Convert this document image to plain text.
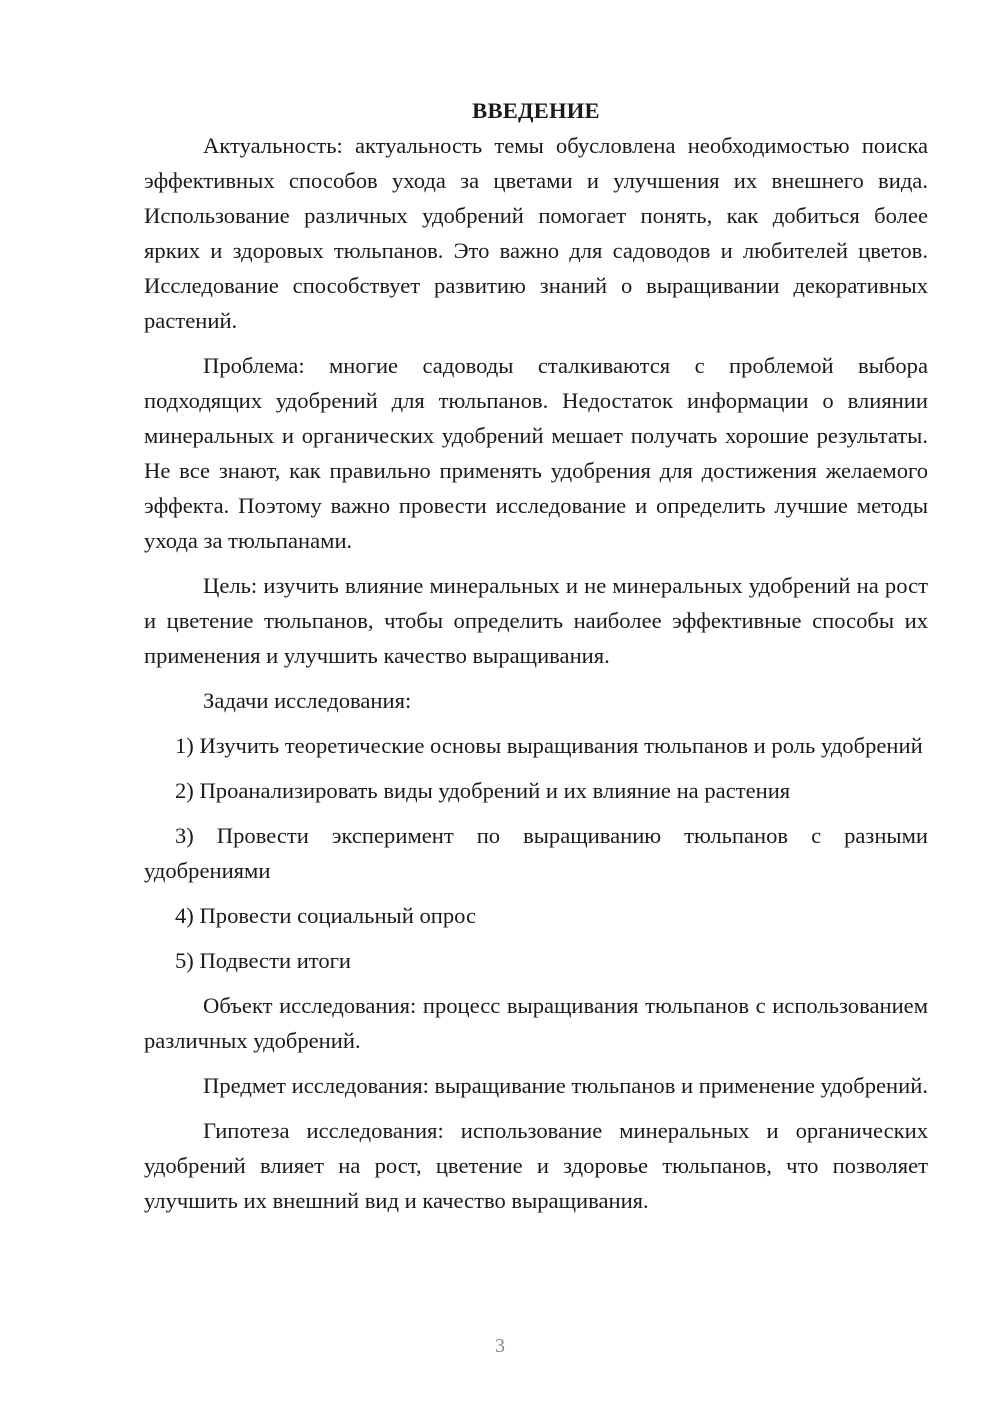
ВВЕДЕНИЕ

Актуальность: актуальность темы обусловлена необходимостью поиска эффективных способов ухода за цветами и улучшения их внешнего вида. Использование различных удобрений помогает понять, как добиться более ярких и здоровых тюльпанов. Это важно для садоводов и любителей цветов. Исследование способствует развитию знаний о выращивании декоративных растений.

Проблема: многие садоводы сталкиваются с проблемой выбора подходящих удобрений для тюльпанов. Недостаток информации о влиянии минеральных и органических удобрений мешает получать хорошие результаты. Не все знают, как правильно применять удобрения для достижения желаемого эффекта. Поэтому важно провести исследование и определить лучшие методы ухода за тюльпанами.

Цель: изучить влияние минеральных и не минеральных удобрений на рост и цветение тюльпанов, чтобы определить наиболее эффективные способы их применения и улучшить качество выращивания.

Задачи исследования:

1) Изучить теоретические основы выращивания тюльпанов и роль удобрений

2) Проанализировать виды удобрений и их влияние на растения

3) Провести эксперимент по выращиванию тюльпанов с разными удобрениями

4) Провести социальный опрос

5) Подвести итоги

Объект исследования: процесс выращивания тюльпанов с использованием различных удобрений.

Предмет исследования: выращивание тюльпанов и применение удобрений.

Гипотеза исследования: использование минеральных и органических удобрений влияет на рост, цветение и здоровье тюльпанов, что позволяет улучшить их внешний вид и качество выращивания.

3
